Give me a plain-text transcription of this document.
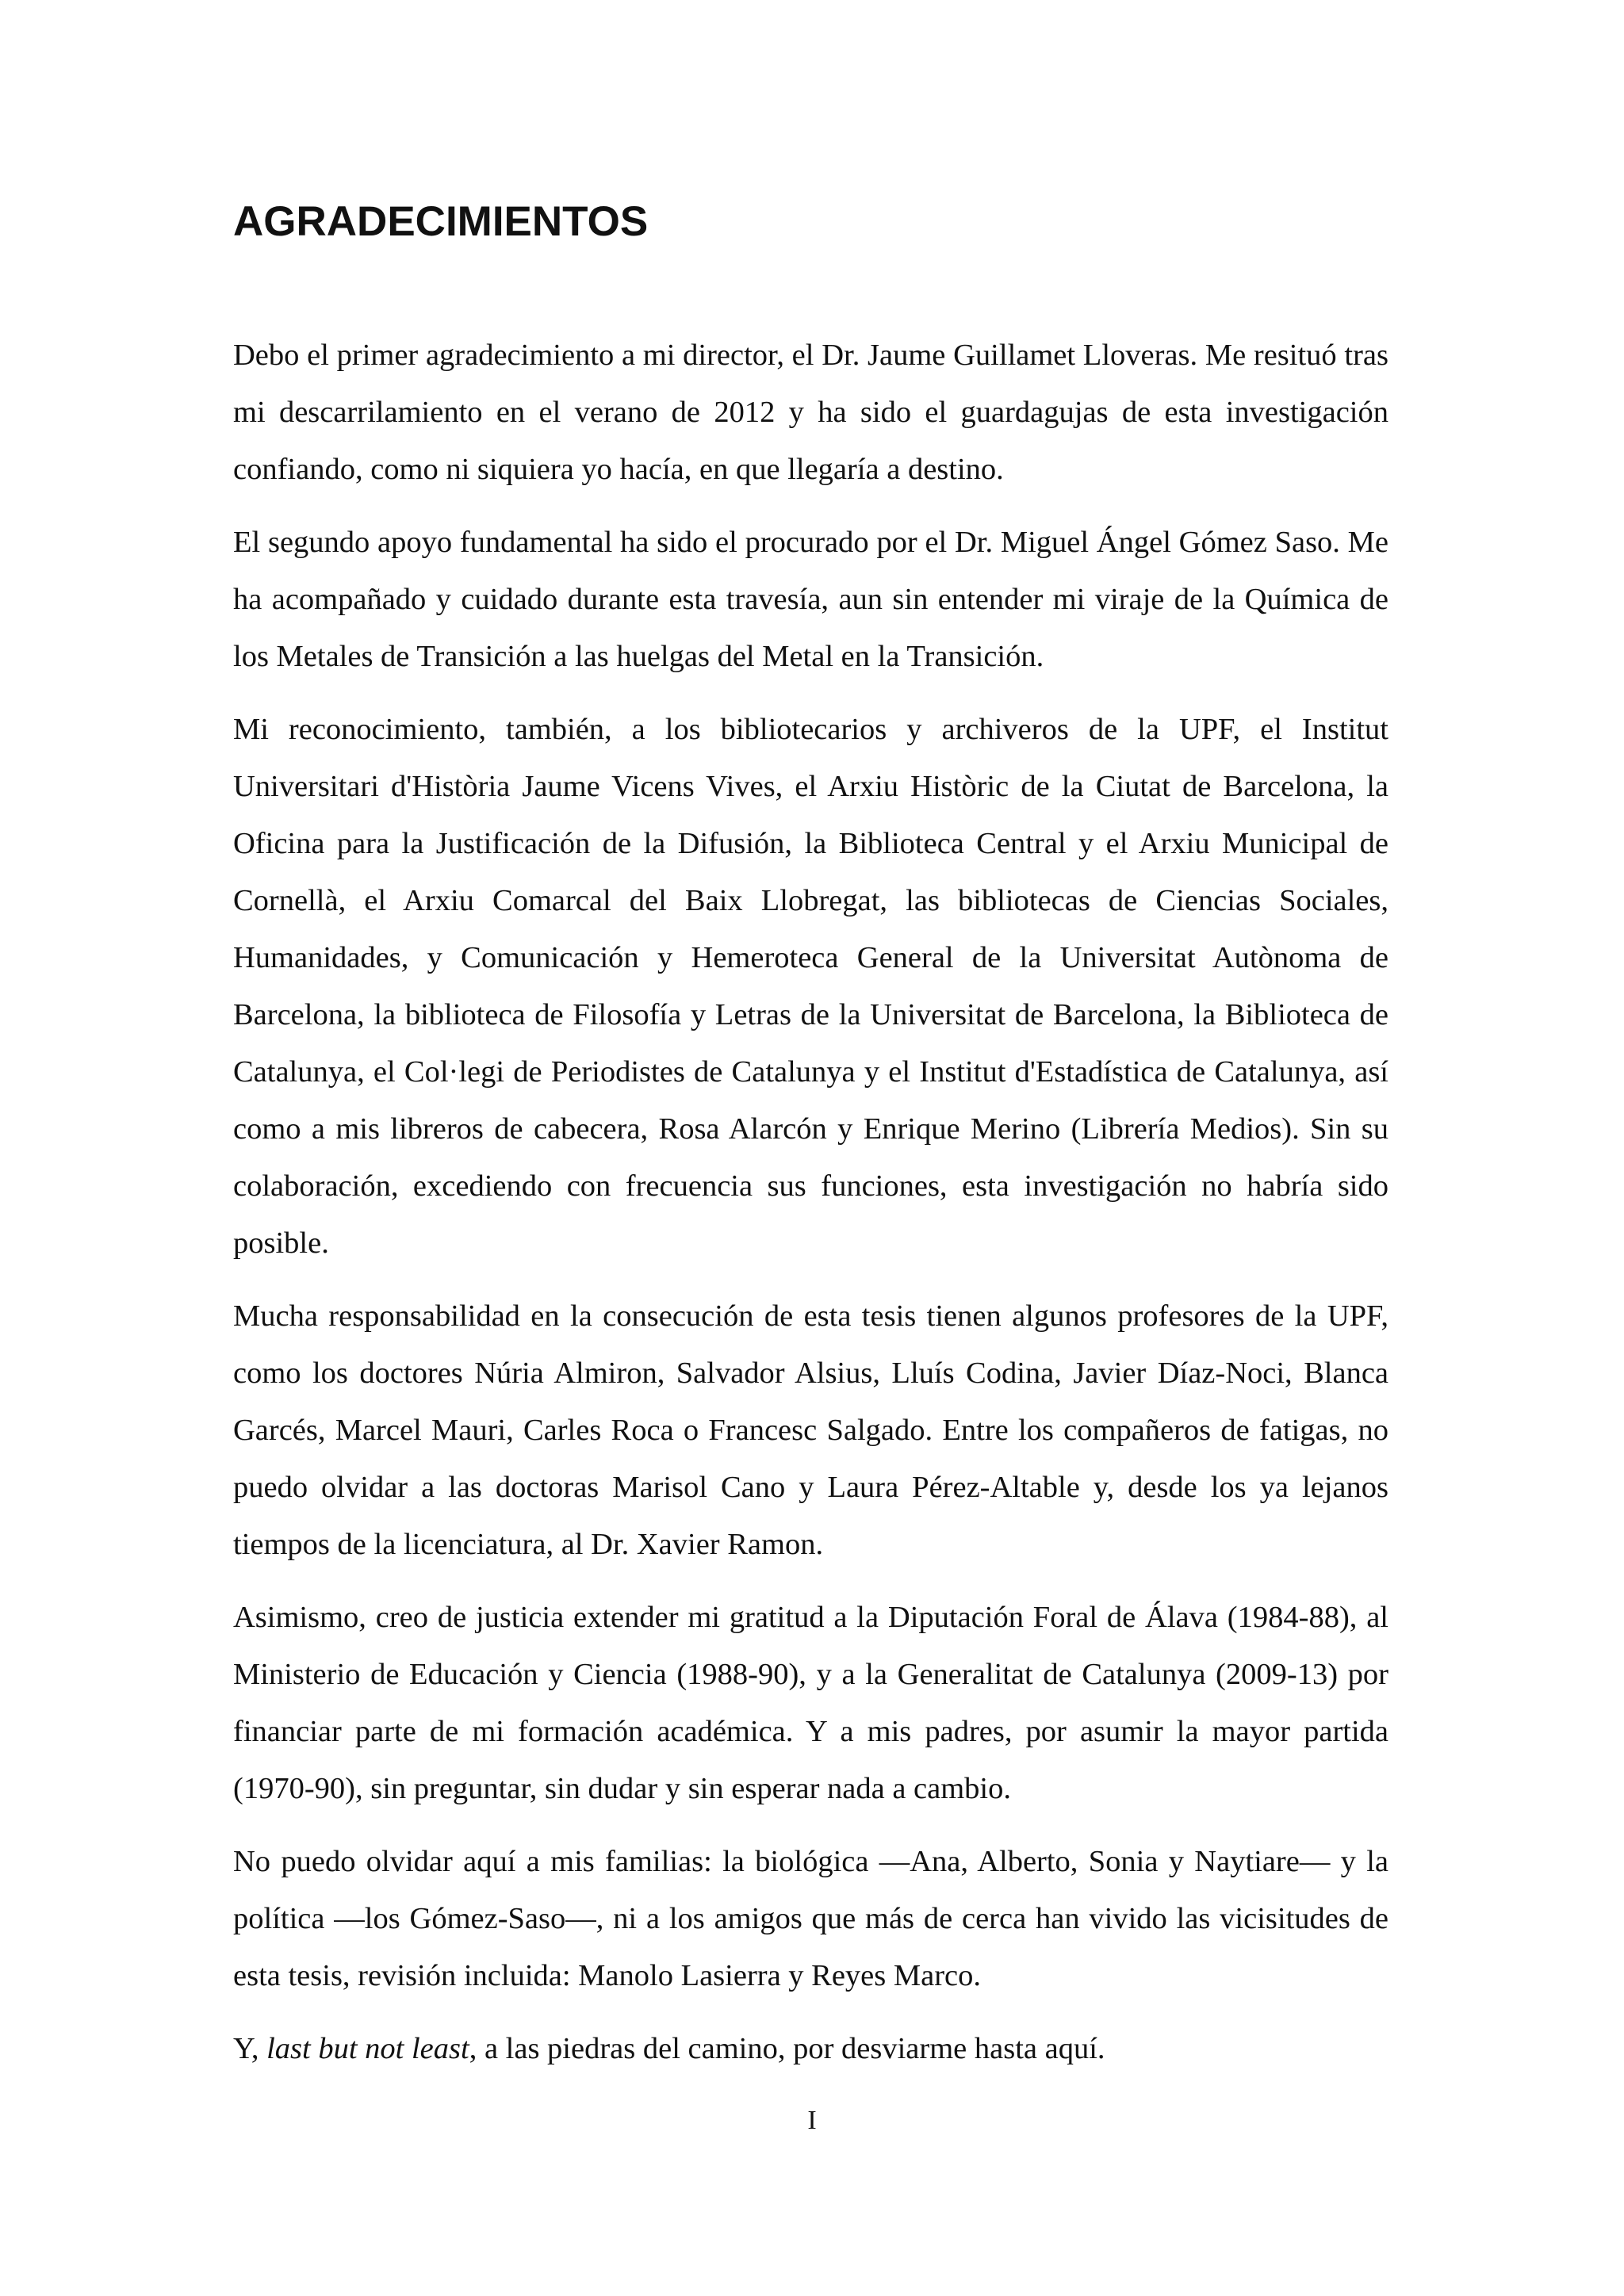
AGRADECIMIENTOS

Debo el primer agradecimiento a mi director, el Dr. Jaume Guillamet Lloveras. Me resituó tras mi descarrilamiento en el verano de 2012 y ha sido el guardagujas de esta investigación confiando, como ni siquiera yo hacía, en que llegaría a destino.

El segundo apoyo fundamental ha sido el procurado por el Dr. Miguel Ángel Gómez Saso. Me ha acompañado y cuidado durante esta travesía, aun sin entender mi viraje de la Química de los Metales de Transición a las huelgas del Metal en la Transición.

Mi reconocimiento, también, a los bibliotecarios y archiveros de la UPF, el Institut Universitari d'Història Jaume Vicens Vives, el Arxiu Històric de la Ciutat de Barcelona, la Oficina para la Justificación de la Difusión, la Biblioteca Central y el Arxiu Municipal de Cornellà, el Arxiu Comarcal del Baix Llobregat, las bibliotecas de Ciencias Sociales, Humanidades, y Comunicación y Hemeroteca General de la Universitat Autònoma de Barcelona, la biblioteca de Filosofía y Letras de la Universitat de Barcelona, la Biblioteca de Catalunya, el Col·legi de Periodistes de Catalunya y el Institut d'Estadística de Catalunya, así como a mis libreros de cabecera, Rosa Alarcón y Enrique Merino (Librería Medios). Sin su colaboración, excediendo con frecuencia sus funciones, esta investigación no habría sido posible.

Mucha responsabilidad en la consecución de esta tesis tienen algunos profesores de la UPF, como los doctores Núria Almiron, Salvador Alsius, Lluís Codina, Javier Díaz-Noci, Blanca Garcés, Marcel Mauri, Carles Roca o Francesc Salgado. Entre los compañeros de fatigas, no puedo olvidar a las doctoras Marisol Cano y Laura Pérez-Altable y, desde los ya lejanos tiempos de la licenciatura, al Dr. Xavier Ramon.

Asimismo, creo de justicia extender mi gratitud a la Diputación Foral de Álava (1984-88), al Ministerio de Educación y Ciencia (1988-90), y a la Generalitat de Catalunya (2009-13) por financiar parte de mi formación académica. Y a mis padres, por asumir la mayor partida (1970-90), sin preguntar, sin dudar y sin esperar nada a cambio.

No puedo olvidar aquí a mis familias: la biológica —Ana, Alberto, Sonia y Naytiare— y la política —los Gómez-Saso—, ni a los amigos que más de cerca han vivido las vicisitudes de esta tesis, revisión incluida: Manolo Lasierra y Reyes Marco.

Y, last but not least, a las piedras del camino, por desviarme hasta aquí.

I
